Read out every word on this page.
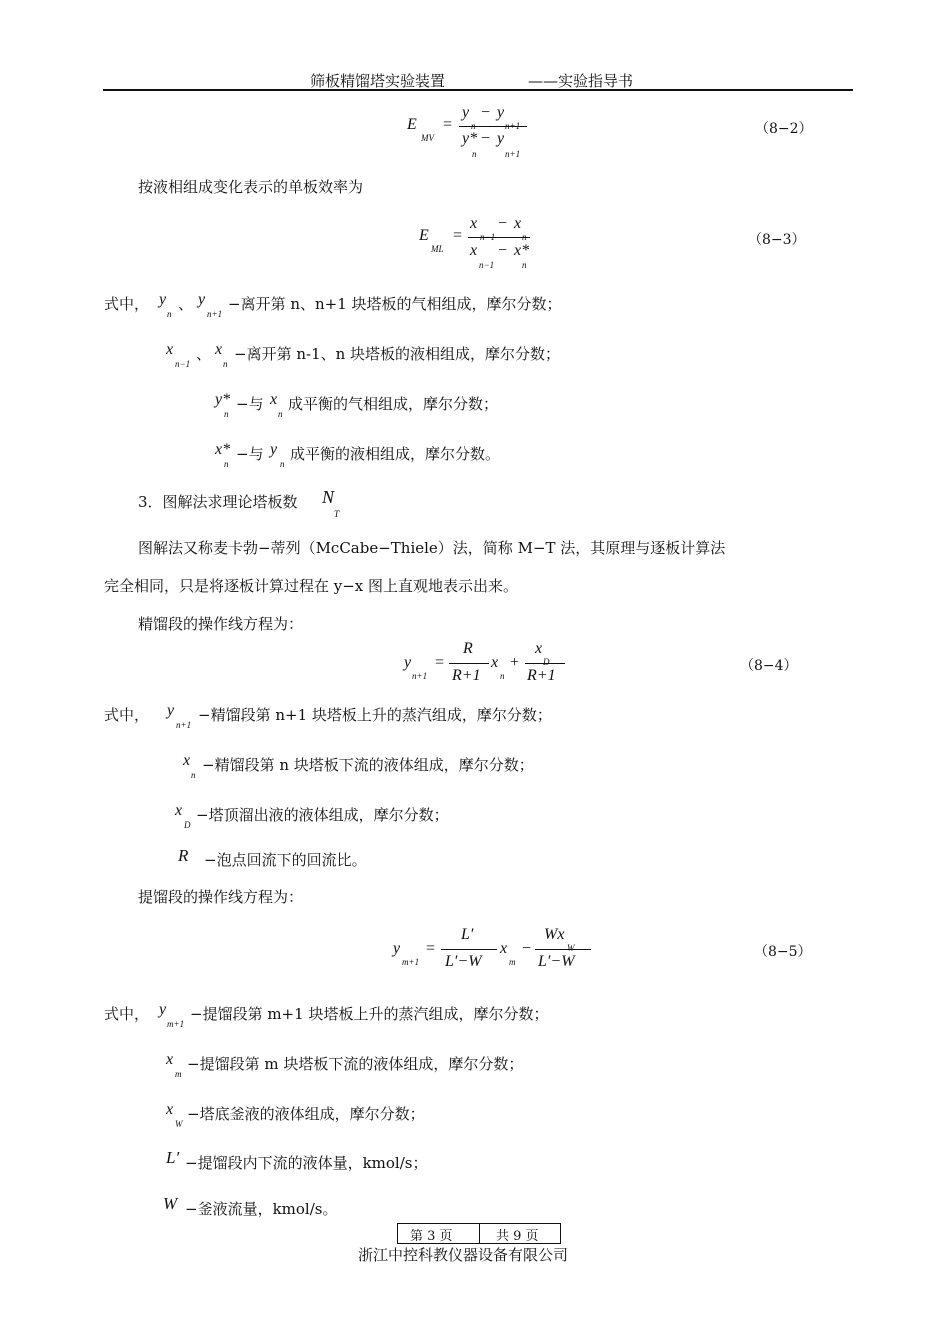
筛板精馏塔实验装置	——实验指导书
E
MV
=
y
n
− y
n+1
y*
n
− y
n+1
（8−2）
按液相组成变化表示的单板效率为
E
ML
=
x
n−1
− x
n
x
n−1
− x*
n
（8−3）
式中， y
n
、 y
n+1
−离开第 n、n+1 块塔板的气相组成，摩尔分数；
x
n−1
、 x
n
−离开第 n-1、n 块塔板的液相组成，摩尔分数；
y*
n
−与 x
n
成平衡的气相组成，摩尔分数；
x*
n
−与 y
n
成平衡的液相组成，摩尔分数。
3．图解法求理论塔板数 N
T
图解法又称麦卡勃−蒂列（McCabe−Thiele）法，简称 M−T 法，其原理与逐板计算法
完全相同，只是将逐板计算过程在 y−x 图上直观地表示出来。
精馏段的操作线方程为：
y
n+1
=
R
R+1
x
n
+
x
D
R+1
（8−4）
式中， y
n+1
−精馏段第 n+1 块塔板上升的蒸汽组成，摩尔分数；
x
n
−精馏段第 n 块塔板下流的液体组成，摩尔分数；
x
D
−塔顶溜出液的液体组成，摩尔分数；
R −泡点回流下的回流比。
提馏段的操作线方程为：
y
m+1
=
L′
L′−W
x
m
−
Wx
W
L′−W
（8−5）
式中， y
m+1
−提馏段第 m+1 块塔板上升的蒸汽组成，摩尔分数；
x
m
−提馏段第 m 块塔板下流的液体组成，摩尔分数；
x
W
−塔底釜液的液体组成，摩尔分数；
L′ −提馏段内下流的液体量，kmol/s；
W −釜液流量，kmol/s。
第 3 页	共 9 页
浙江中控科教仪器设备有限公司
